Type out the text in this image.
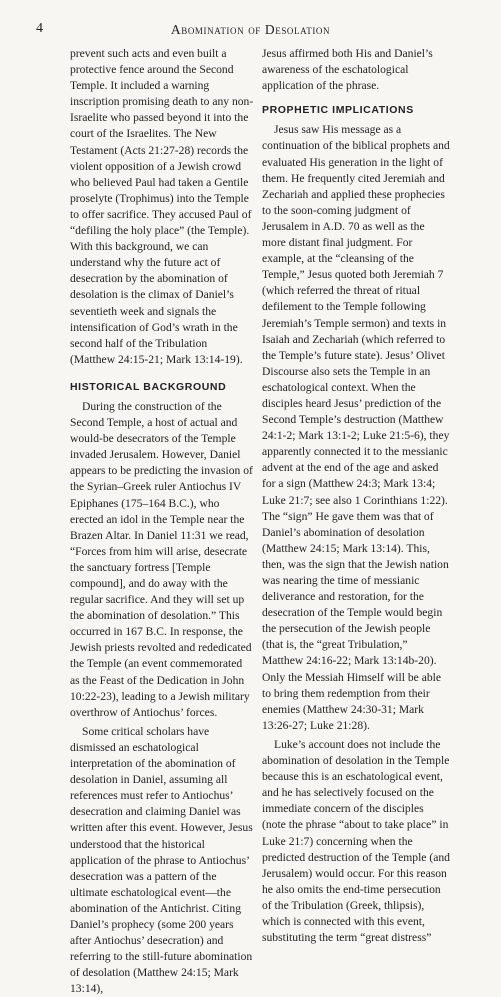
4	Abomination of Desolation

prevent such acts and even built a protective fence around the Second Temple. It included a warning inscription promising death to any non-Israelite who passed beyond it into the court of the Israelites. The New Testament (Acts 21:27-28) records the violent opposition of a Jewish crowd who believed Paul had taken a Gentile proselyte (Trophimus) into the Temple to offer sacrifice. They accused Paul of “defiling the holy place” (the Temple). With this background, we can understand why the future act of desecration by the abomination of desolation is the climax of Daniel’s seventieth week and signals the intensification of God’s wrath in the second half of the Tribulation (Matthew 24:15-21; Mark 13:14-19).

HISTORICAL BACKGROUND

During the construction of the Second Temple, a host of actual and would-be desecrators of the Temple invaded Jerusalem. However, Daniel appears to be predicting the invasion of the Syrian–Greek ruler Antiochus IV Epiphanes (175–164 B.C.), who erected an idol in the Temple near the Brazen Altar. In Daniel 11:31 we read, “Forces from him will arise, desecrate the sanctuary fortress [Temple compound], and do away with the regular sacrifice. And they will set up the abomination of desolation.” This occurred in 167 B.C. In response, the Jewish priests revolted and rededicated the Temple (an event commemorated as the Feast of the Dedication in John 10:22-23), leading to a Jewish military overthrow of Antiochus’ forces.

Some critical scholars have dismissed an eschatological interpretation of the abomination of desolation in Daniel, assuming all references must refer to Antiochus’ desecration and claiming Daniel was written after this event. However, Jesus understood that the historical application of the phrase to Antiochus’ desecration was a pattern of the ultimate eschatological event—the abomination of the Antichrist. Citing Daniel’s prophecy (some 200 years after Antiochus’ desecration) and referring to the still-future abomination of desolation (Matthew 24:15; Mark 13:14),

Jesus affirmed both His and Daniel’s awareness of the eschatological application of the phrase.

PROPHETIC IMPLICATIONS

Jesus saw His message as a continuation of the biblical prophets and evaluated His generation in the light of them. He frequently cited Jeremiah and Zechariah and applied these prophecies to the soon-coming judgment of Jerusalem in A.D. 70 as well as the more distant final judgment. For example, at the “cleansing of the Temple,” Jesus quoted both Jeremiah 7 (which referred the threat of ritual defilement to the Temple following Jeremiah’s Temple sermon) and texts in Isaiah and Zechariah (which referred to the Temple’s future state). Jesus’ Olivet Discourse also sets the Temple in an eschatological context. When the disciples heard Jesus’ prediction of the Second Temple’s destruction (Matthew 24:1-2; Mark 13:1-2; Luke 21:5-6), they apparently connected it to the messianic advent at the end of the age and asked for a sign (Matthew 24:3; Mark 13:4; Luke 21:7; see also 1 Corinthians 1:22). The “sign” He gave them was that of Daniel’s abomination of desolation (Matthew 24:15; Mark 13:14). This, then, was the sign that the Jewish nation was nearing the time of messianic deliverance and restoration, for the desecration of the Temple would begin the persecution of the Jewish people (that is, the “great Tribulation,” Matthew 24:16-22; Mark 13:14b-20). Only the Messiah Himself will be able to bring them redemption from their enemies (Matthew 24:30-31; Mark 13:26-27; Luke 21:28).

Luke’s account does not include the abomination of desolation in the Temple because this is an eschatological event, and he has selectively focused on the immediate concern of the disciples (note the phrase “about to take place” in Luke 21:7) concerning when the predicted destruction of the Temple (and Jerusalem) would occur. For this reason he also omits the end-time persecution of the Tribulation (Greek, thlipsis), which is connected with this event, substituting the term “great distress”
